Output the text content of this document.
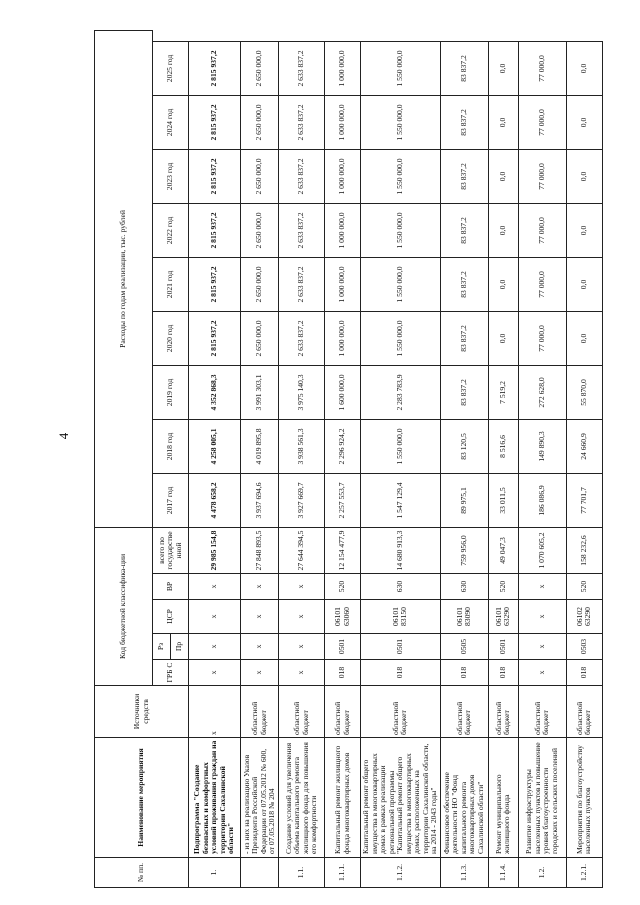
4
№ пп.	Наименование мероприятия	Источники средств	Код бюджетной классифика-ции					Расходы по годам реализации, тыс. рублей								
			ГРБ С	Рз	ЦСР	ВР	всего по государственной	2017 год	2018 год	2019 год	2020 год	2021 год	2022 год	2023 год	2024 год	2025 год
				Пр												
1.	Подпрограмма "Создание безопасных и комфортных условий проживания граждан на территории Сахалинской области"	x	x	x	x	x	29 985 154,8	4 478 658,2	4 258 005,1	4 352 868,3	2 815 937,2	2 815 937,2	2 815 937,2	2 815 937,2	2 815 937,2	2 815 937,2
	- из них на реализацию Указов Президента Российской Федерации от 07.05.2012 № 600, от 07.05.2018 № 204	областной бюджет	x	x	x	x	27 848 893,5	3 937 694,6	4 019 895,8	3 991 303,1	2 650 000,0	2 650 000,0	2 650 000,0	2 650 000,0	2 650 000,0	2 650 000,0
1.1.	Создание условий для увеличения объема капитального ремонта жилищного фонда для повышения его комфортности	областной бюджет	x	x	x	x	27 644 394,5	3 927 669,7	3 938 561,3	3 975 140,3	2 633 837,2	2 633 837,2	2 633 837,2	2 633 837,2	2 633 837,2	2 633 837,2
1.1.1.	Капитальный ремонт жилищного фонда многоквартирных домов	областной бюджет	018	0501	06101 63060	520	12 154 477,9	2 257 553,7	2 296 924,2	1 600 000,0	1 000 000,0	1 000 000,0	1 000 000,0	1 000 000,0	1 000 000,0	1 000 000,0
1.1.2.	Капитальный ремонт общего имущества в многоквартирных домах в рамках реализации региональной программы "Капитальный ремонт общего имущества в многоквартирных домах, расположенных на территории Сахалинской области, на 2014 - 2043 годы"	областной бюджет	018	0501	06101 83150	630	14 680 913,3	1 547 129,4	1 550 000,0	2 283 783,9	1 550 000,0	1 550 000,0	1 550 000,0	1 550 000,0	1 550 000,0	1 550 000,0
1.1.3.	Финансовое обеспечение деятельности НО "Фонд капитального ремонта многоквартирных домов Сахалинской области"	областной бюджет	018	0505	06101 83090	630	759 956,0	89 975,1	83 120,5	83 837,2	83 837,2	83 837,2	83 837,2	83 837,2	83 837,2	83 837,2
1.1.4.	Ремонт муниципального жилищного фонда	областной бюджет	018	0501	06101 63290	520	49 047,3	33 011,5	8 516,6	7 519,2	0,0	0,0	0,0	0,0	0,0	0,0
1.2.	Развитие инфраструктуры населенных пунктов и повышение уровня благоустроенности городских и сельских поселений	областной бюджет	x	x	x	x	1 070 605,2	186 086,9	149 890,3	272 628,0	77 000,0	77 000,0	77 000,0	77 000,0	77 000,0	77 000,0
1.2.1.	Мероприятия по благоустройству населенных пунктов	областной бюджет	018	0503	06102 63290	520	158 232,6	77 701,7	24 660,9	55 870,0	0,0	0,0	0,0	0,0	0,0	0,0
